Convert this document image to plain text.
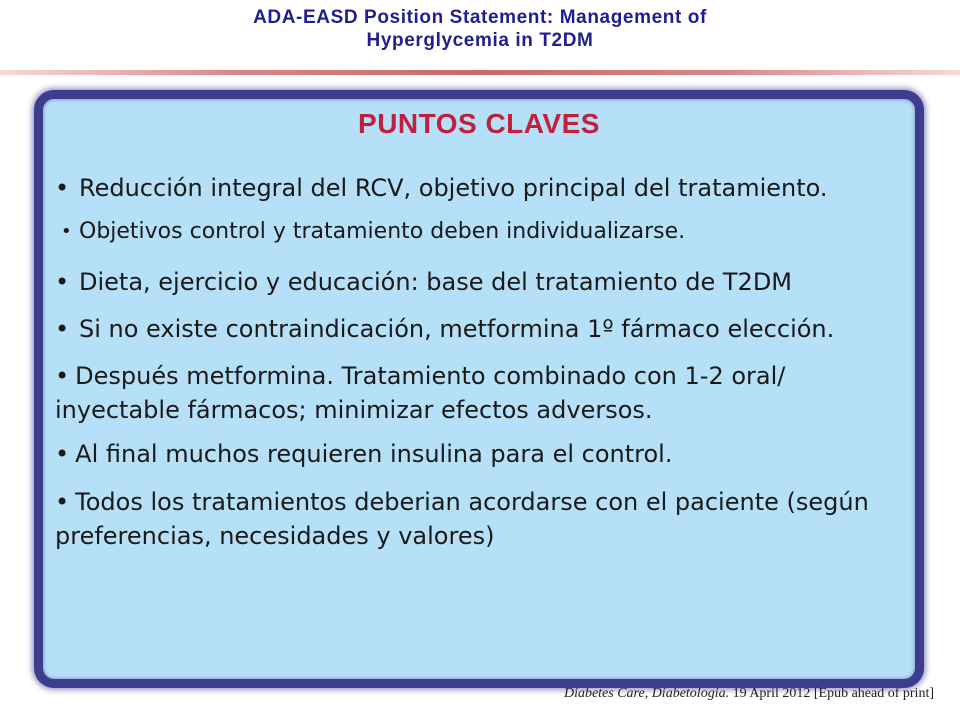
ADA-EASD Position Statement: Management of

Hyperglycemia in T2DM
PUNTOS CLAVES
• Reducción integral del RCV, objetivo principal del tratamiento.
• Objetivos control y tratamiento deben individualizarse.
• Dieta, ejercicio y educación: base del tratamiento de T2DM
• Si no existe contraindicación, metformina 1º fármaco elección.
• Después metformina. Tratamiento combinado con 1-2 oral/ inyectable fármacos; minimizar efectos adversos.
• Al final muchos requieren insulina para el control.
• Todos los tratamientos deberian acordarse con el paciente (según preferencias, necesidades y valores)
Diabetes Care, Diabetologia. 19 April 2012 [Epub ahead of print]
